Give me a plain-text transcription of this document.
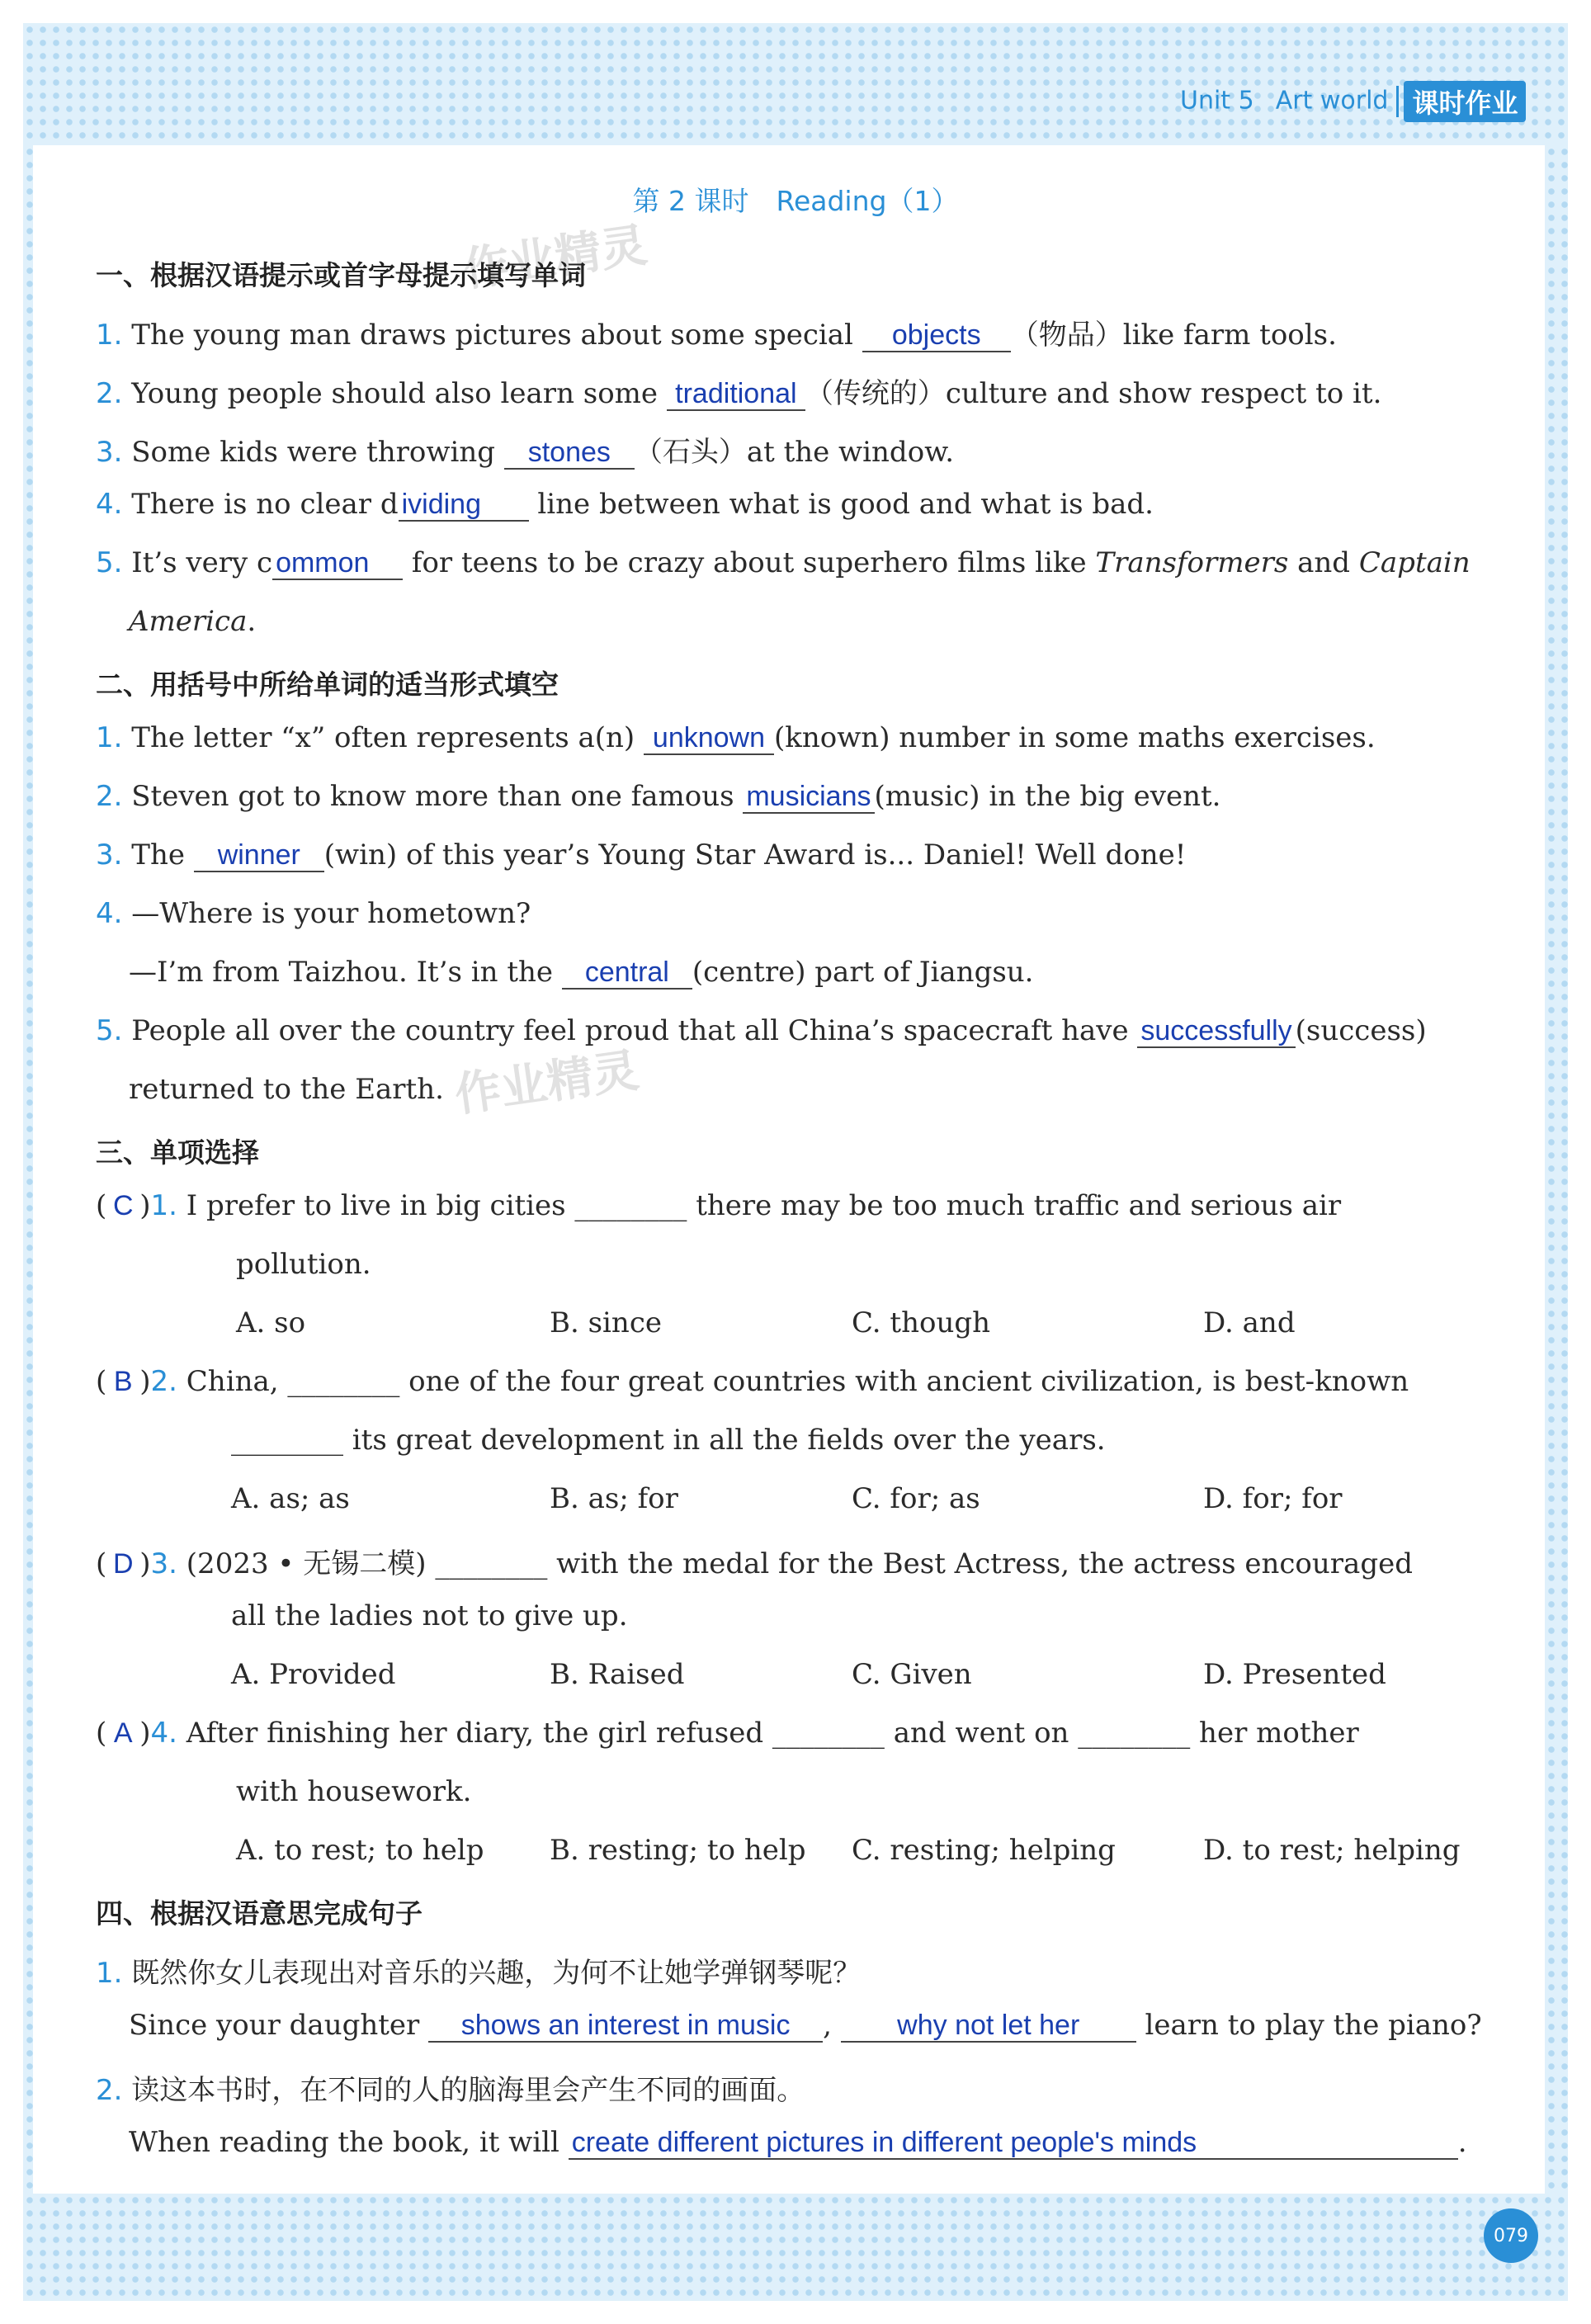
Unit 5 Art world 课时作业
第 2 课时　Reading（1）
作业精灵
作业精灵
一、根据汉语提示或首字母提示填写单词
1. The young man draws pictures about some special objects （物品）like farm tools.
2. Young people should also learn some traditional （传统的）culture and show respect to it.
3. Some kids were throwing stones （石头）at the window.
4. There is no clear d ividing line between what is good and what is bad.
5. It’s very c ommon for teens to be crazy about superhero films like Transformers and Captain
America.
二、用括号中所给单词的适当形式填空
1. The letter “x” often represents a(n) unknown (known) number in some maths exercises.
2. Steven got to know more than one famous musicians (music) in the big event.
3. The winner (win) of this year’s Young Star Award is... Daniel! Well done!
4. —Where is your hometown?
—I’m from Taizhou. It’s in the central (centre) part of Jiangsu.
5. People all over the country feel proud that all China’s spacecraft have successfully (success)
returned to the Earth.
三、单项选择
( C )1. I prefer to live in big cities ________ there may be too much traffic and serious air
pollution.
A. so	B. since	C. though	D. and
( B )2. China, ________ one of the four great countries with ancient civilization, is best-known
________ its great development in all the fields over the years.
A. as; as	B. as; for	C. for; as	D. for; for
( D )3. (2023 • 无锡二模) ________ with the medal for the Best Actress, the actress encouraged
all the ladies not to give up.
A. Provided	B. Raised	C. Given	D. Presented
( A )4. After finishing her diary, the girl refused ________ and went on ________ her mother
with housework.
A. to rest; to help B. resting; to help C. resting; helping	D. to rest; helping
四、根据汉语意思完成句子
1. 既然你女儿表现出对音乐的兴趣，为何不让她学弹钢琴呢？
Since your daughter shows an interest in music , why not let her learn to play the piano?
2. 读这本书时，在不同的人的脑海里会产生不同的画面。
When reading the book, it will create different pictures in different people's minds	.
079
